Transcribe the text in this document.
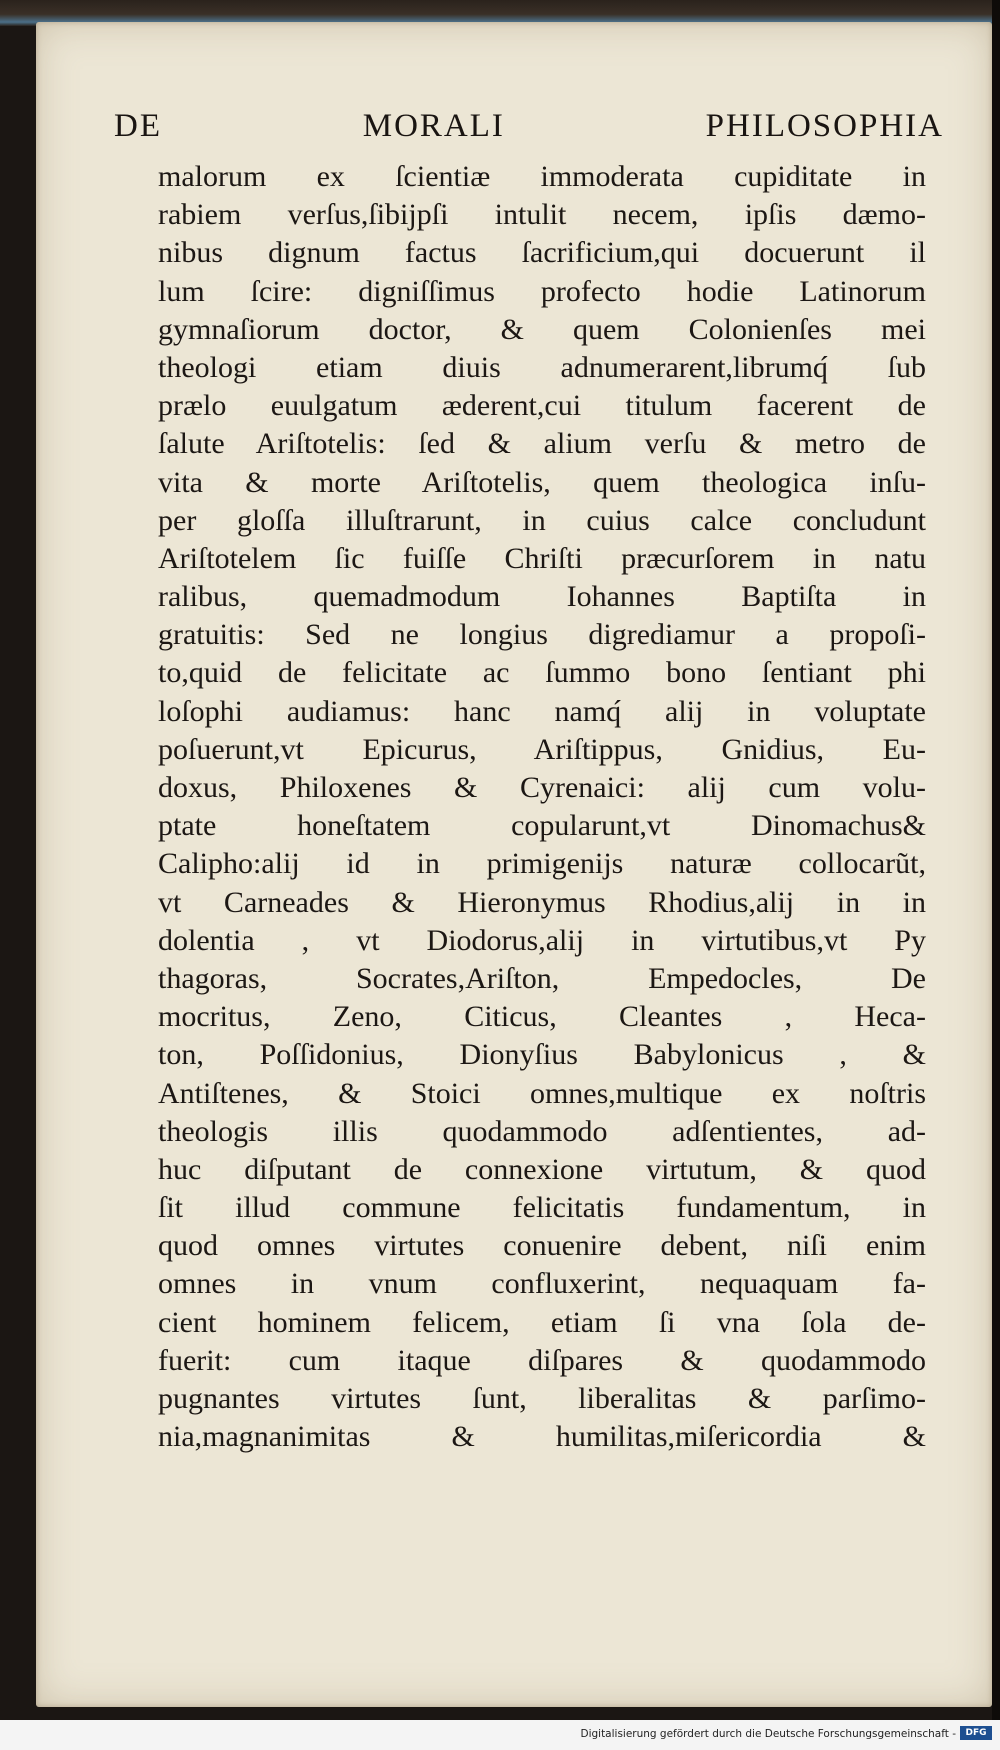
DE	MORALI	PHILOSOPHIA
malorum ex ſcientiæ immoderata cupiditate in
rabiem verſus,ſibijpſi intulit necem, ipſis dæmo-
nibus dignum factus ſacrificium,qui docuerunt il
lum ſcire: digniſſimus profecto hodie Latinorum
gymnaſiorum doctor, & quem Colonienſes mei
theologi etiam diuis adnumerarent,librumq́ ſub
prælo euulgatum æderent,cui titulum facerent de
ſalute Ariſtotelis: ſed & alium verſu & metro de
vita & morte Ariſtotelis, quem theologica inſu-
per gloſſa illuſtrarunt, in cuius calce concludunt
Ariſtotelem ſic fuiſſe Chriſti præcurſorem in natu
ralibus, quemadmodum Iohannes Baptiſta in
gratuitis: Sed ne longius digrediamur a propoſi-
to,quid de felicitate ac ſummo bono ſentiant phi
loſophi audiamus: hanc namq́ alij in voluptate
poſuerunt,vt Epicurus, Ariſtippus, Gnidius, Eu-
doxus, Philoxenes & Cyrenaici: alij cum volu-
ptate honeſtatem copularunt,vt Dinomachus&
Calipho:alij id in primigenijs naturæ collocarũt,
vt Carneades & Hieronymus Rhodius,alij in in
dolentia , vt Diodorus,alij in virtutibus,vt Py
thagoras, Socrates,Ariſton, Empedocles, De
mocritus, Zeno, Citicus, Cleantes , Heca-
ton, Poſſidonius, Dionyſius Babylonicus , &
Antiſtenes, & Stoici omnes,multique ex noſtris
theologis illis quodammodo adſentientes, ad-
huc diſputant de connexione virtutum, & quod
ſit illud commune felicitatis fundamentum, in
quod omnes virtutes conuenire debent, niſi enim
omnes in vnum confluxerint, nequaquam fa-
cient hominem felicem, etiam ſi vna ſola de-
fuerit: cum itaque diſpares & quodammodo
pugnantes virtutes ſunt, liberalitas & parſimo-
nia,magnanimitas & humilitas,miſericordia &
Digitalisierung gefördert durch die Deutsche Forschungsgemeinschaft -	DFG
